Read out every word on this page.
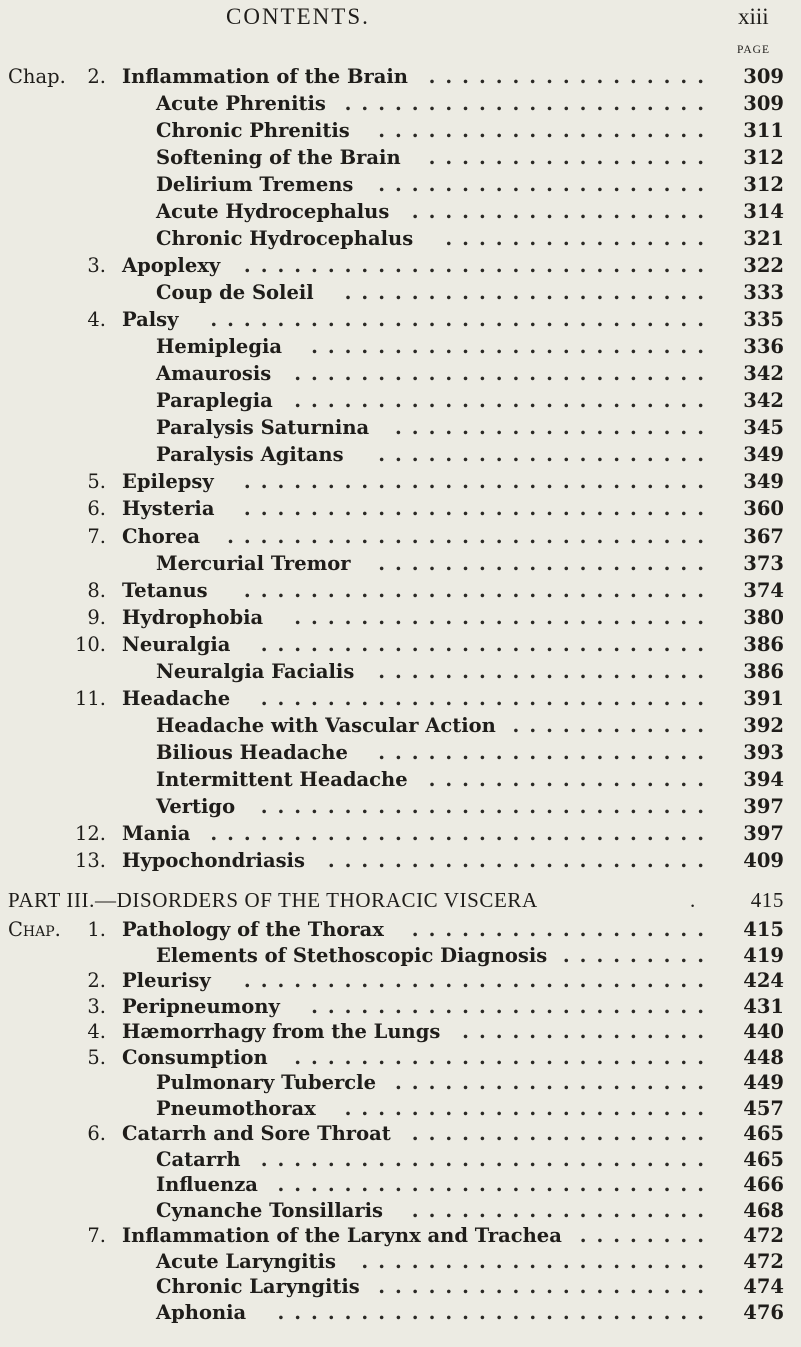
CONTENTS.	xiii
PAGE
Chap.	2. Inflammation of the Brain	.................	309
Acute Phrenitis ......................	309
Chronic Phrenitis	....................	311
Softening of the Brain	.................	312
Delirium Tremens	....................	312
Acute Hydrocephalus	..................	314
Chronic Hydrocephalus	................	321
3. Apoplexy	............................	322
Coup de Soleil	......................	333
4. Palsy	..............................	335
Hemiplegia	........................	336
Amaurosis	.........................	342
Paraplegia	.........................	342
Paralysis Saturnina	...................	345
Paralysis Agitans	....................	349
5. Epilepsy	............................	349
6. Hysteria	............................	360
7. Chorea	.............................	367
Mercurial Tremor	....................	373
8. Tetanus	............................	374
9. Hydrophobia	.........................	380
10. Neuralgia	...........................	386
Neuralgia Facialis	....................	386
11. Headache	...........................	391
Headache with Vascular Action ............	392
Bilious Headache	....................	393
Intermittent Headache	.................	394
Vertigo	...........................	397
12. Mania	..............................	397
13. Hypochondriasis	.......................	409
PART III.—DISORDERS OF THE THORACIC VISCERA	.	415
Chap.	1. Pathology of the Thorax	..................	415
Elements of Stethoscopic Diagnosis .........	419
2. Pleurisy	............................	424
3. Peripneumony	........................	431
4. Hæmorrhagy from the Lungs	...............	440
5. Consumption	.........................	448
Pulmonary Tubercle ...................	449
Pneumothorax	......................	457
6. Catarrh and Sore Throat	..................	465
Catarrh ...........................	465
Influenza ..........................	466
Cynanche Tonsillaris	..................	468
7. Inflammation of the Larynx and Trachea ........	472
Acute Laryngitis	.....................	472
Chronic Laryngitis ....................	474
Aphonia	..........................	476
